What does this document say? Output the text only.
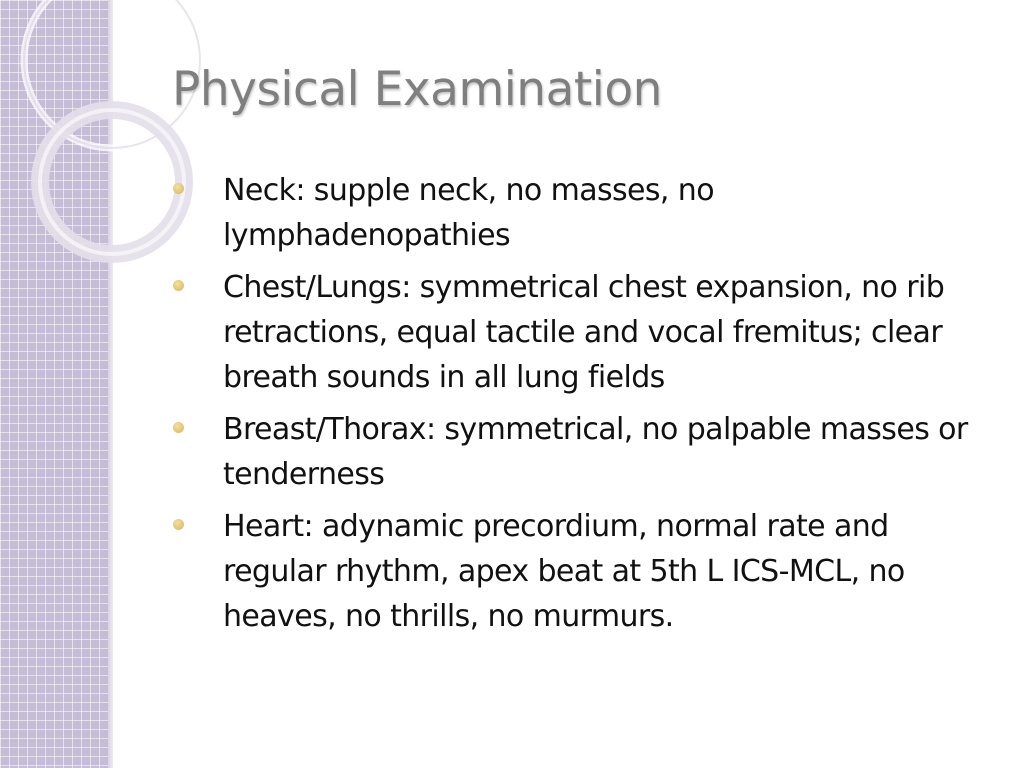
Physical Examination
Neck: supple neck, no masses, no lymphadenopathies
Chest/Lungs: symmetrical chest expansion, no rib retractions, equal tactile and vocal fremitus; clear breath sounds in all lung fields
Breast/Thorax: symmetrical, no palpable masses or tenderness
Heart: adynamic precordium, normal rate and regular rhythm, apex beat at 5th L ICS-MCL, no heaves, no thrills, no murmurs.
